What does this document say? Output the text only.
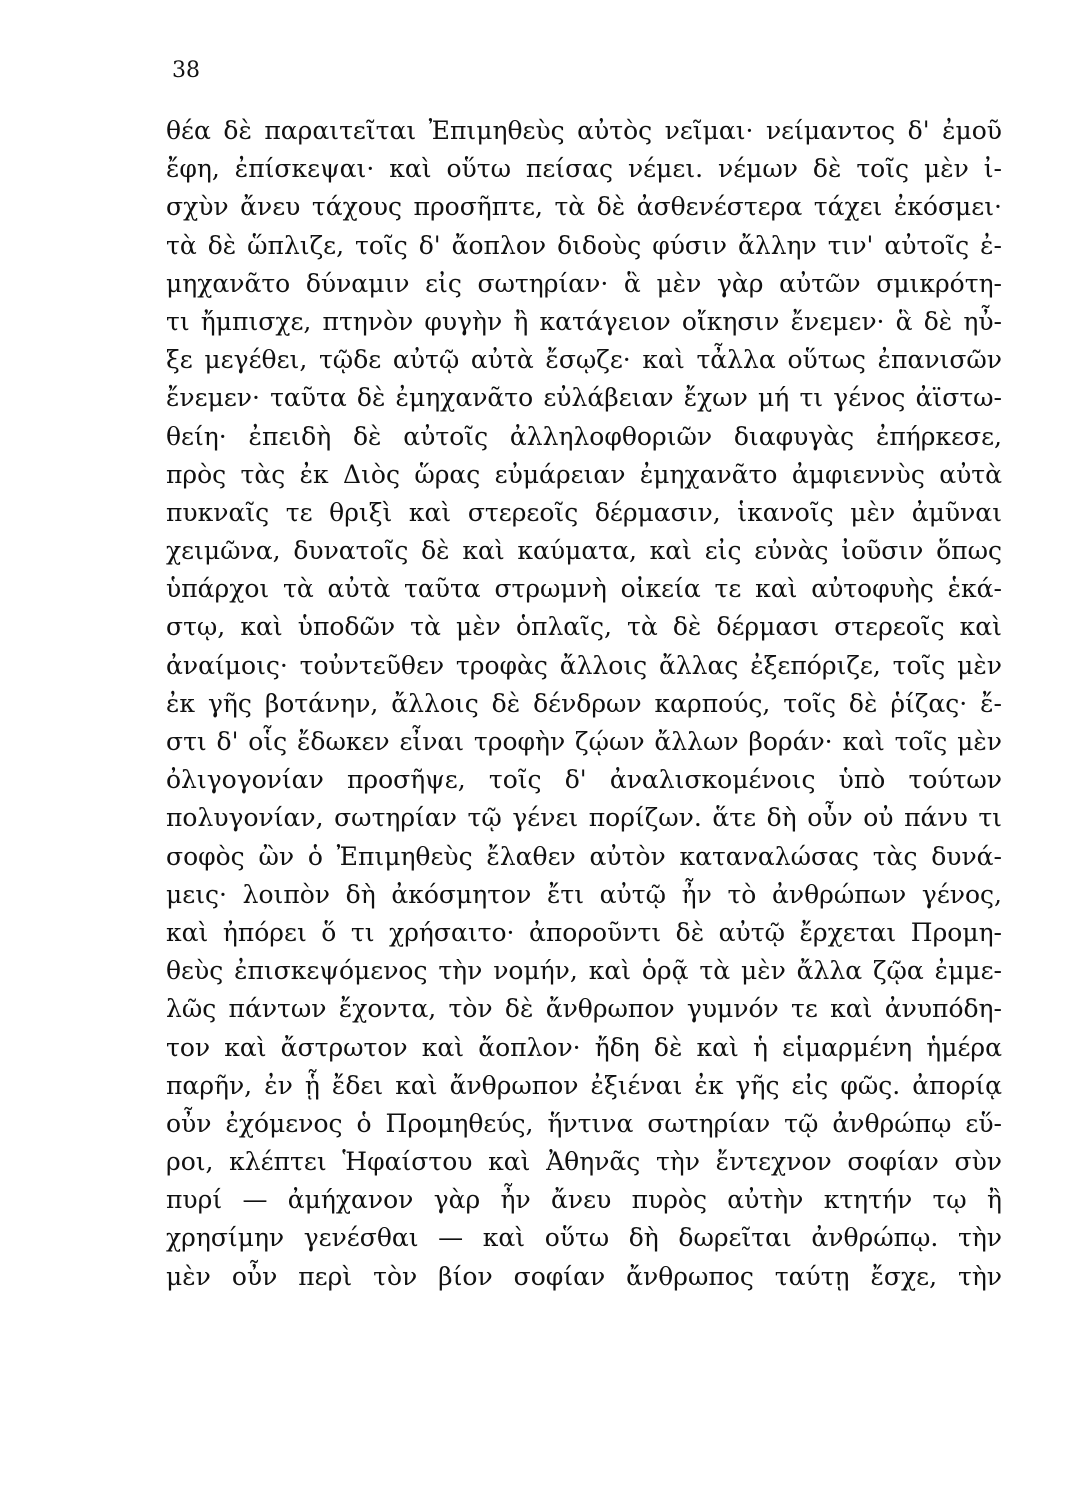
38
θέα δὲ παραιτεῖται Ἐπιμηθεὺς αὐτὸς νεῖμαι· νείμαντος δ' ἐμοῦ
ἔφη, ἐπίσκεψαι· καὶ οὕτω πείσας νέμει. νέμων δὲ τοῖς μὲν ἰ-
σχὺν ἄνευ τάχους προσῆπτε, τὰ δὲ ἀσθενέστερα τάχει ἐκόσμει·
τὰ δὲ ὥπλιζε, τοῖς δ' ἄοπλον διδοὺς φύσιν ἄλλην τιν' αὐτοῖς ἐ-
μηχανᾶτο δύναμιν εἰς σωτηρίαν· ἃ μὲν γὰρ αὐτῶν σμικρότη-
τι ἤμπισχε, πτηνὸν φυγὴν ἢ κατάγειον οἴκησιν ἔνεμεν· ἃ δὲ ηὖ-
ξε μεγέθει, τῷδε αὐτῷ αὐτὰ ἔσῳζε· καὶ τἆλλα οὕτως ἐπανισῶν
ἔνεμεν· ταῦτα δὲ ἐμηχανᾶτο εὐλάβειαν ἔχων μή τι γένος ἀϊστω-
θείη· ἐπειδὴ δὲ αὐτοῖς ἀλληλοφθοριῶν διαφυγὰς ἐπήρκεσε,
πρὸς τὰς ἐκ Διὸς ὥρας εὐμάρειαν ἐμηχανᾶτο ἀμφιεννὺς αὐτὰ
πυκναῖς τε θριξὶ καὶ στερεοῖς δέρμασιν, ἱκανοῖς μὲν ἀμῦναι
χειμῶνα, δυνατοῖς δὲ καὶ καύματα, καὶ εἰς εὐνὰς ἰοῦσιν ὅπως
ὑπάρχοι τὰ αὐτὰ ταῦτα στρωμνὴ οἰκεία τε καὶ αὐτοφυὴς ἑκά-
στῳ, καὶ ὑποδῶν τὰ μὲν ὁπλαῖς, τὰ δὲ δέρμασι στερεοῖς καὶ
ἀναίμοις· τοὐντεῦθεν τροφὰς ἄλλοις ἄλλας ἐξεπόριζε, τοῖς μὲν
ἐκ γῆς βοτάνην, ἄλλοις δὲ δένδρων καρπούς, τοῖς δὲ ῥίζας· ἔ-
στι δ' οἷς ἔδωκεν εἶναι τροφὴν ζῴων ἄλλων βοράν· καὶ τοῖς μὲν
ὀλιγογονίαν προσῆψε, τοῖς δ' ἀναλισκομένοις ὑπὸ τούτων
πολυγονίαν, σωτηρίαν τῷ γένει πορίζων. ἅτε δὴ οὖν οὐ πάνυ τι
σοφὸς ὢν ὁ Ἐπιμηθεὺς ἔλαθεν αὐτὸν καταναλώσας τὰς δυνά-
μεις· λοιπὸν δὴ ἀκόσμητον ἔτι αὐτῷ ἦν τὸ ἀνθρώπων γένος,
καὶ ἠπόρει ὅ τι χρήσαιτο· ἀποροῦντι δὲ αὐτῷ ἔρχεται Προμη-
θεὺς ἐπισκεψόμενος τὴν νομήν, καὶ ὁρᾷ τὰ μὲν ἄλλα ζῷα ἐμμε-
λῶς πάντων ἔχοντα, τὸν δὲ ἄνθρωπον γυμνόν τε καὶ ἀνυπόδη-
τον καὶ ἄστρωτον καὶ ἄοπλον· ἤδη δὲ καὶ ἡ εἱμαρμένη ἡμέρα
παρῆν, ἐν ᾗ ἔδει καὶ ἄνθρωπον ἐξιέναι ἐκ γῆς εἰς φῶς. ἀπορίᾳ
οὖν ἐχόμενος ὁ Προμηθεύς, ἥντινα σωτηρίαν τῷ ἀνθρώπῳ εὕ-
ροι, κλέπτει Ἡφαίστου καὶ Ἀθηνᾶς τὴν ἔντεχνον σοφίαν σὺν
πυρί — ἀμήχανον γὰρ ἦν ἄνευ πυρὸς αὐτὴν κτητήν τῳ ἢ
χρησίμην γενέσθαι — καὶ οὕτω δὴ δωρεῖται ἀνθρώπῳ. τὴν
μὲν οὖν περὶ τὸν βίον σοφίαν ἄνθρωπος ταύτῃ ἔσχε, τὴν
